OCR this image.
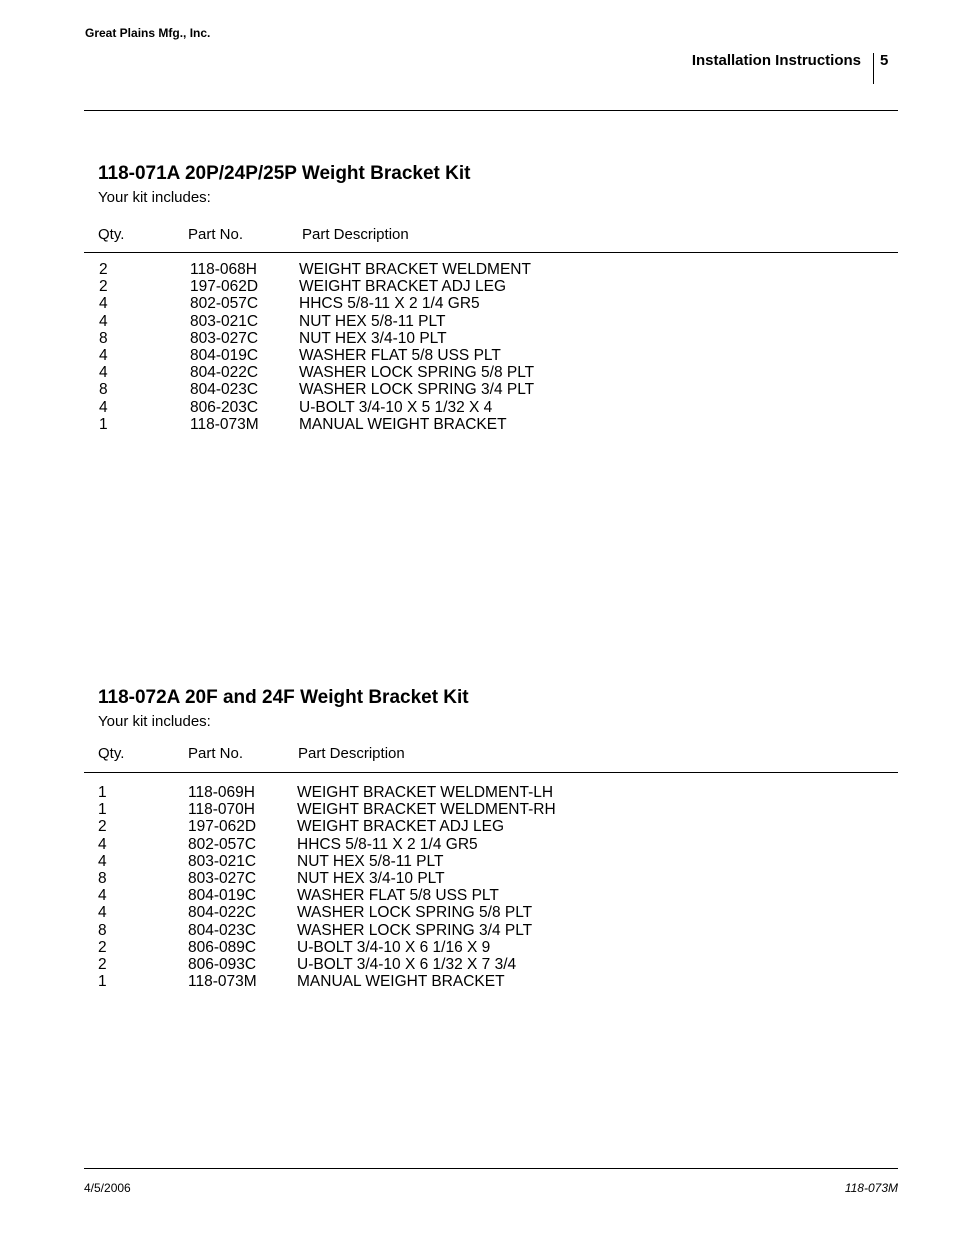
Great Plains Mfg., Inc.
Installation Instructions	5
118-071A 20P/24P/25P Weight Bracket Kit
Your kit includes:
Qty.	Part No.	Part Description
2	118-068H	WEIGHT BRACKET WELDMENT
2	197-062D	WEIGHT BRACKET ADJ LEG
4	802-057C	HHCS 5/8-11 X 2 1/4 GR5
4	803-021C	NUT HEX 5/8-11 PLT
8	803-027C	NUT HEX 3/4-10 PLT
4	804-019C	WASHER FLAT 5/8 USS PLT
4	804-022C	WASHER LOCK SPRING 5/8 PLT
8	804-023C	WASHER LOCK SPRING 3/4 PLT
4	806-203C	U-BOLT 3/4-10 X 5 1/32 X 4
1	118-073M	MANUAL WEIGHT BRACKET
118-072A 20F and 24F Weight Bracket Kit
Your kit includes:
Qty.	Part No.	Part Description
1	118-069H	WEIGHT BRACKET WELDMENT-LH
1	118-070H	WEIGHT BRACKET WELDMENT-RH
2	197-062D	WEIGHT BRACKET ADJ LEG
4	802-057C	HHCS 5/8-11 X 2 1/4 GR5
4	803-021C	NUT HEX 5/8-11 PLT
8	803-027C	NUT HEX 3/4-10 PLT
4	804-019C	WASHER FLAT 5/8 USS PLT
4	804-022C	WASHER LOCK SPRING 5/8 PLT
8	804-023C	WASHER LOCK SPRING 3/4 PLT
2	806-089C	U-BOLT 3/4-10 X 6 1/16 X 9
2	806-093C	U-BOLT 3/4-10 X 6 1/32 X 7 3/4
1	118-073M	MANUAL WEIGHT BRACKET
4/5/2006	118-073M
